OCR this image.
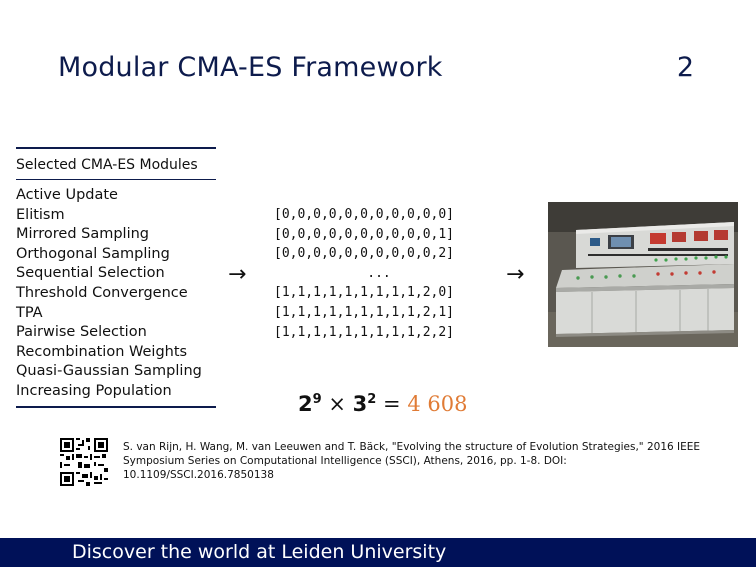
Modular CMA-ES Framework	2
Selected CMA-ES Modules
Active Update
Elitism
Mirrored Sampling
Orthogonal Sampling
Sequential Selection
Threshold Convergence
TPA
Pairwise Selection
Recombination Weights
Quasi-Gaussian Sampling
Increasing Population
→
[0,0,0,0,0,0,0,0,0,0,0]
[0,0,0,0,0,0,0,0,0,0,1]
[0,0,0,0,0,0,0,0,0,0,2]
...
[1,1,1,1,1,1,1,1,1,2,0]
[1,1,1,1,1,1,1,1,1,2,1]
[1,1,1,1,1,1,1,1,1,2,2]
→
$2^9 \times 3^2 = 4$ 608
S. van Rijn, H. Wang, M. van Leeuwen and T. Bäck, "Evolving the structure of Evolution Strategies," 2016 IEEE Symposium Series on Computational Intelligence (SSCI), Athens, 2016, pp. 1-8. DOI: 10.1109/SSCI.2016.7850138
Discover the world at Leiden University
